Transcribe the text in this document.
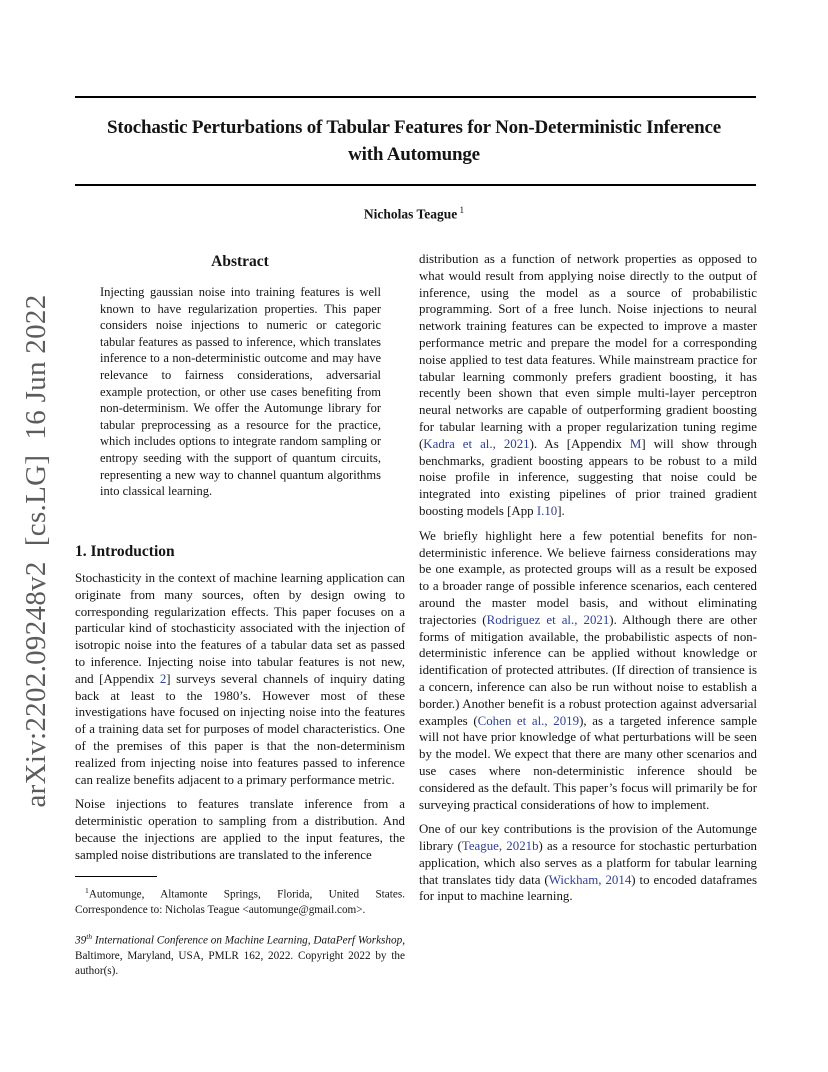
arXiv:2202.09248v2  [cs.LG]  16 Jun 2022
Stochastic Perturbations of Tabular Features for Non-Deterministic Inference
with Automunge
Nicholas Teague $^1$
Abstract
Injecting gaussian noise into training features is well known to have regularization properties. This paper considers noise injections to numeric or categoric tabular features as passed to inference, which translates inference to a non-deterministic outcome and may have relevance to fairness considerations, adversarial example protection, or other use cases benefiting from non-determinism. We offer the Automunge library for tabular preprocessing as a resource for the practice, which includes options to integrate random sampling or entropy seeding with the support of quantum circuits, representing a new way to channel quantum algorithms into classical learning.
1. Introduction

Stochasticity in the context of machine learning application can originate from many sources, often by design owing to corresponding regularization effects. This paper focuses on a particular kind of stochasticity associated with the injection of isotropic noise into the features of a tabular data set as passed to inference. Injecting noise into tabular features is not new, and [Appendix 2] surveys several channels of inquiry dating back at least to the 1980’s. However most of these investigations have focused on injecting noise into the features of a training data set for purposes of model characteristics. One of the premises of this paper is that the non-determinism realized from injecting noise into features passed to inference can realize benefits adjacent to a primary performance metric.

Noise injections to features translate inference from a deterministic operation to sampling from a distribution. And because the injections are applied to the input features, the sampled noise distributions are translated to the inference

$^1$Automunge, Altamonte Springs, Florida, United States. Correspondence to: Nicholas Teague <automunge@gmail.com>.
39th International Conference on Machine Learning, DataPerf Workshop, Baltimore, Maryland, USA, PMLR 162, 2022. Copyright 2022 by the author(s).

distribution as a function of network properties as opposed to what would result from applying noise directly to the output of inference, using the model as a source of probabilistic programming. Sort of a free lunch. Noise injections to neural network training features can be expected to improve a master performance metric and prepare the model for a corresponding noise applied to test data features. While mainstream practice for tabular learning commonly prefers gradient boosting, it has recently been shown that even simple multi-layer perceptron neural networks are capable of outperforming gradient boosting for tabular learning with a proper regularization tuning regime (Kadra et al., 2021). As [Appendix M] will show through benchmarks, gradient boosting appears to be robust to a mild noise profile in inference, suggesting that noise could be integrated into existing pipelines of prior trained gradient boosting models [App I.10].

We briefly highlight here a few potential benefits for non-deterministic inference. We believe fairness considerations may be one example, as protected groups will as a result be exposed to a broader range of possible inference scenarios, each centered around the master model basis, and without eliminating trajectories (Rodriguez et al., 2021). Although there are other forms of mitigation available, the probabilistic aspects of non-deterministic inference can be applied without knowledge or identification of protected attributes. (If direction of transience is a concern, inference can also be run without noise to establish a border.) Another benefit is a robust protection against adversarial examples (Cohen et al., 2019), as a targeted inference sample will not have prior knowledge of what perturbations will be seen by the model. We expect that there are many other scenarios and use cases where non-deterministic inference should be considered as the default. This paper’s focus will primarily be for surveying practical considerations of how to implement.

One of our key contributions is the provision of the Automunge library (Teague, 2021b) as a resource for stochastic perturbation application, which also serves as a platform for tabular learning that translates tidy data (Wickham, 2014) to encoded dataframes for input to machine learning.
